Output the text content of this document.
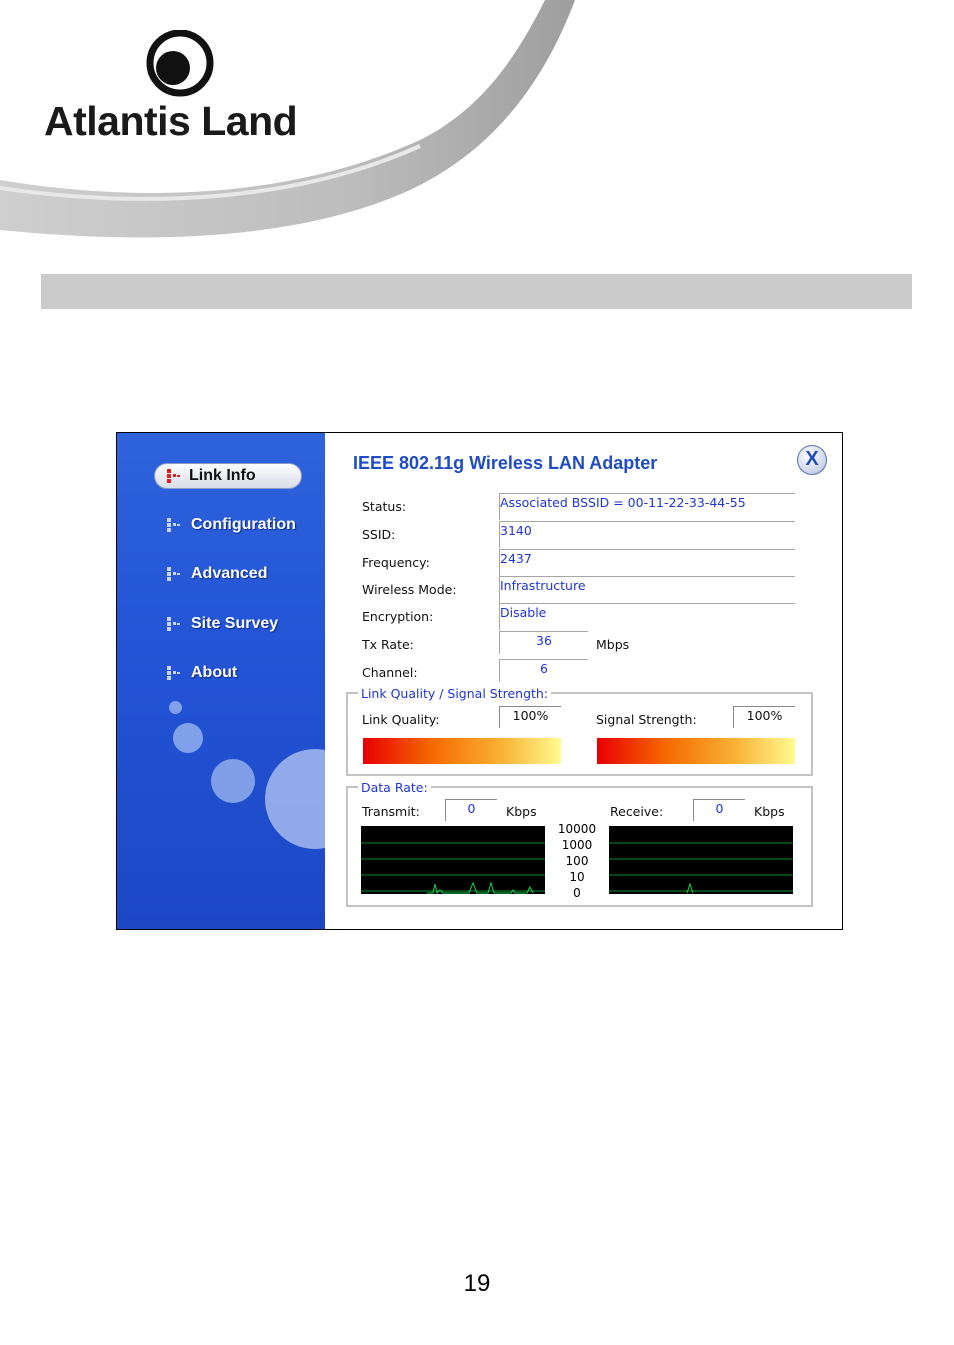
Atlantis Land
Link Info
Configuration
Advanced
Site Survey
About
IEEE 802.11g Wireless LAN Adapter	X
Status:	Associated BSSID = 00-11-22-33-44-55
SSID:	3140
Frequency:	2437
Wireless Mode:	Infrastructure
Encryption:	Disable
Tx Rate:	36	Mbps
Channel:	6
Link Quality / Signal Strength:
Link Quality:	100%	Signal Strength:	100%
Data Rate:
Transmit:	0	Kbps	Receive:	0	Kbps
10000
1000
100
10
0
19
